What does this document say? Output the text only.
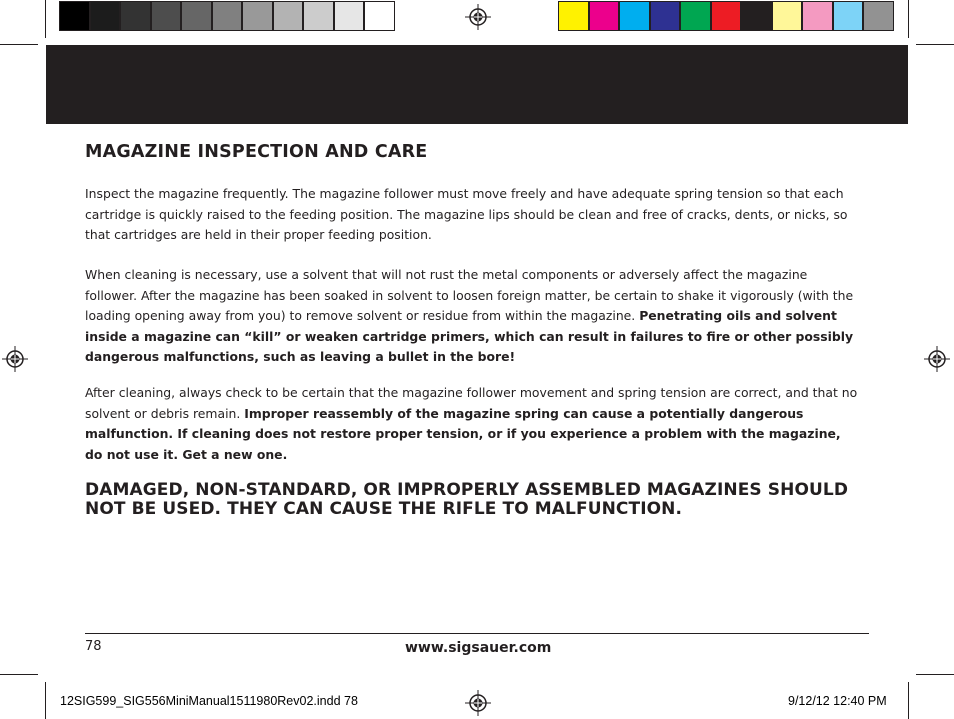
MAGAZINE INSPECTION AND CARE

Inspect the magazine frequently. The magazine follower must move freely and have adequate spring tension so that each cartridge is quickly raised to the feeding position. The magazine lips should be clean and free of cracks, dents, or nicks, so that cartridges are held in their proper feeding position.

When cleaning is necessary, use a solvent that will not rust the metal components or adversely affect the magazine follower. After the magazine has been soaked in solvent to loosen foreign matter, be certain to shake it vigorously (with the loading opening away from you) to remove solvent or residue from within the magazine. Penetrating oils and solvent inside a magazine can “kill” or weaken cartridge primers, which can result in failures to fire or other possibly dangerous malfunctions, such as leaving a bullet in the bore!

After cleaning, always check to be certain that the magazine follower movement and spring tension are correct, and that no solvent or debris remain. Improper reassembly of the magazine spring can cause a potentially dangerous malfunction. If cleaning does not restore proper tension, or if you experience a problem with the magazine, do not use it. Get a new one.

DAMAGED, NON-STANDARD, OR IMPROPERLY ASSEMBLED MAGAZINES SHOULD NOT BE USED. THEY CAN CAUSE THE RIFLE TO MALFUNCTION.
78	www.sigsauer.com
12SIG599_SIG556MiniManual1511980Rev02.indd 78	9/12/12 12:40 PM
